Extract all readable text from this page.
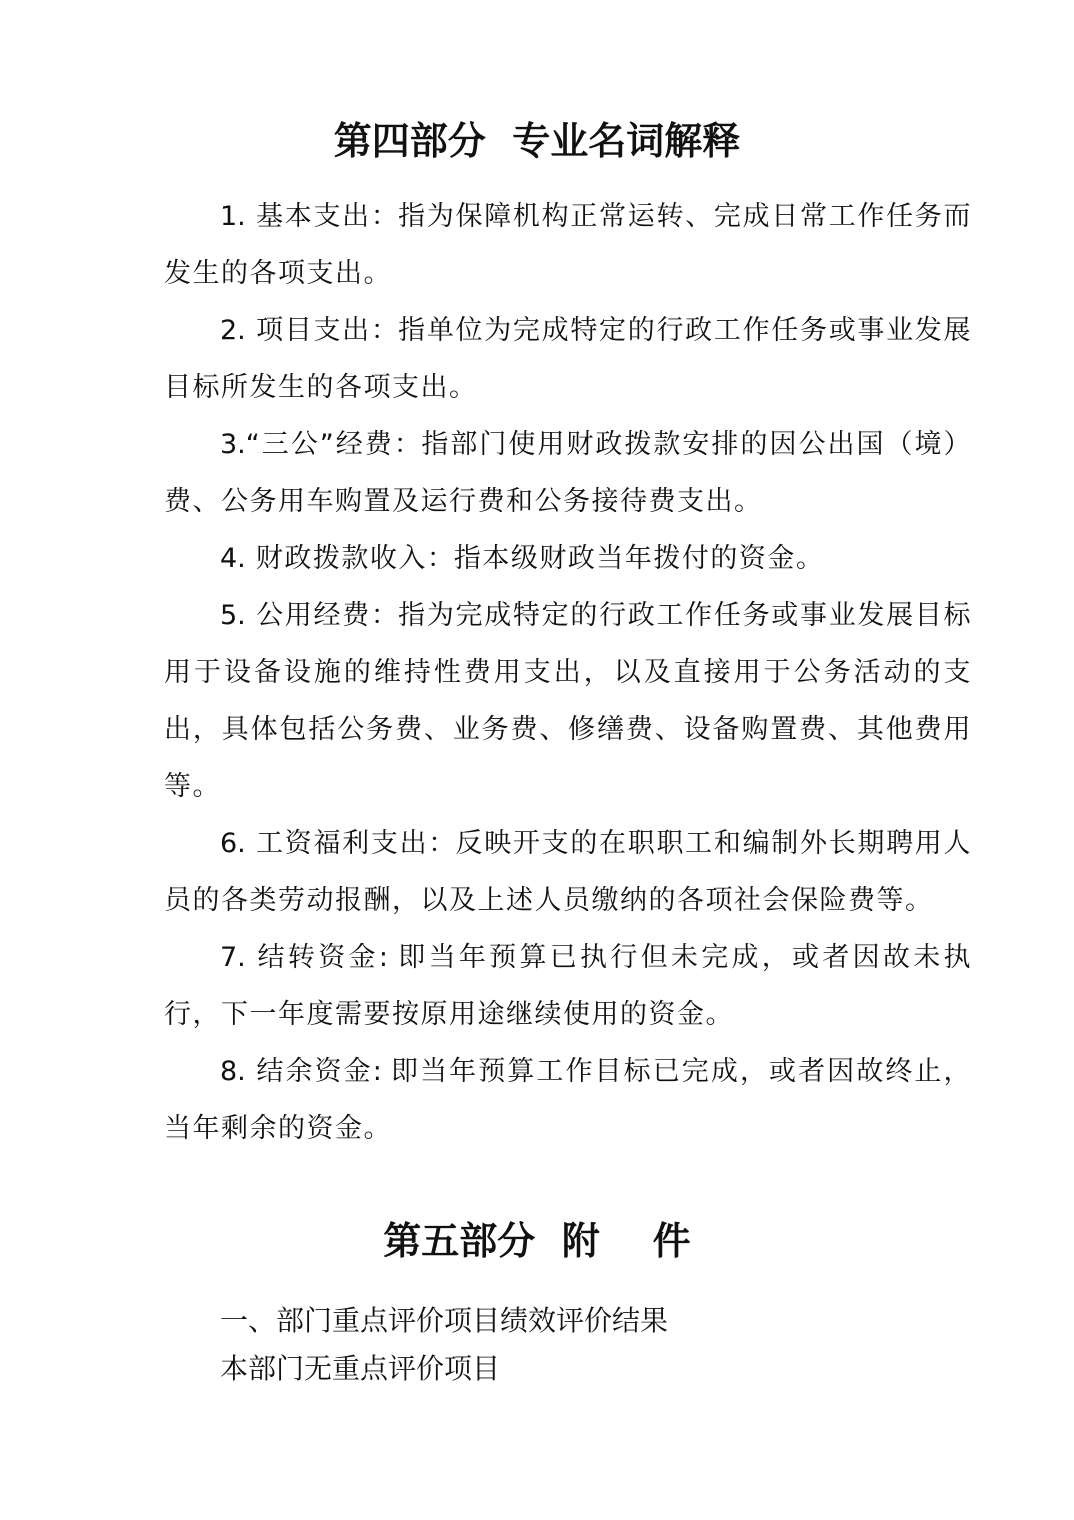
第四部分  专业名词解释

1. 基本支出：指为保障机构正常运转、完成日常工作任务而发生的各项支出。

2. 项目支出：指单位为完成特定的行政工作任务或事业发展目标所发生的各项支出。

3.“三公”经费：指部门使用财政拨款安排的因公出国（境）费、公务用车购置及运行费和公务接待费支出。

4. 财政拨款收入：指本级财政当年拨付的资金。

5. 公用经费：指为完成特定的行政工作任务或事业发展目标用于设备设施的维持性费用支出，以及直接用于公务活动的支出，具体包括公务费、业务费、修缮费、设备购置费、其他费用等。

6. 工资福利支出：反映开支的在职职工和编制外长期聘用人员的各类劳动报酬，以及上述人员缴纳的各项社会保险费等。

7. 结转资金: 即当年预算已执行但未完成，或者因故未执行，下一年度需要按原用途继续使用的资金。

8. 结余资金: 即当年预算工作目标已完成，或者因故终止，当年剩余的资金。

第五部分  附    件

一、部门重点评价项目绩效评价结果

本部门无重点评价项目
